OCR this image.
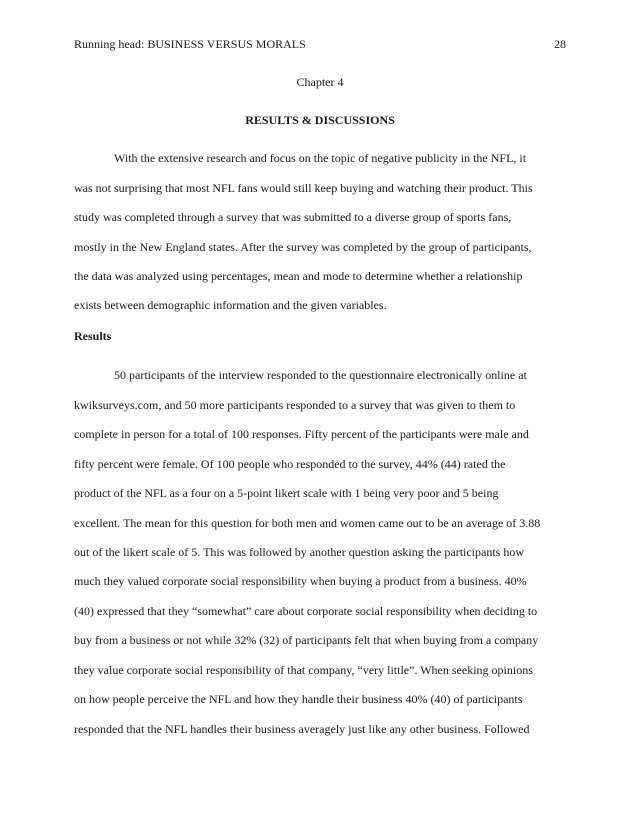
Running head: BUSINESS VERSUS MORALS	28
Chapter 4
RESULTS & DISCUSSIONS
With the extensive research and focus on the topic of negative publicity in the NFL, it
was not surprising that most NFL fans would still keep buying and watching their product. This
study was completed through a survey that was submitted to a diverse group of sports fans,
mostly in the New England states. After the survey was completed by the group of participants,
the data was analyzed using percentages, mean and mode to determine whether a relationship
exists between demographic information and the given variables.
Results
50 participants of the interview responded to the questionnaire electronically online at
kwiksurveys.com, and 50 more participants responded to a survey that was given to them to
complete in person for a total of 100 responses. Fifty percent of the participants were male and
fifty percent were female. Of 100 people who responded to the survey, 44% (44) rated the
product of the NFL as a four on a 5-point likert scale with 1 being very poor and 5 being
excellent. The mean for this question for both men and women came out to be an average of 3.88
out of the likert scale of 5. This was followed by another question asking the participants how
much they valued corporate social responsibility when buying a product from a business. 40%
(40) expressed that they “somewhat” care about corporate social responsibility when deciding to
buy from a business or not while 32% (32) of participants felt that when buying from a company
they value corporate social responsibility of that company, “very little”. When seeking opinions
on how people perceive the NFL and how they handle their business 40% (40) of participants
responded that the NFL handles their business averagely just like any other business. Followed
